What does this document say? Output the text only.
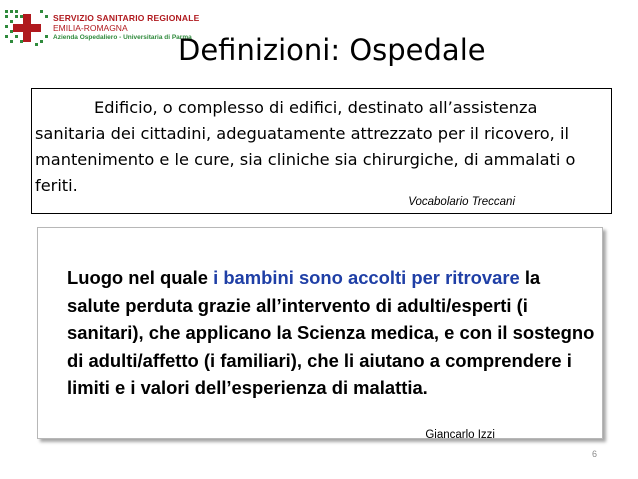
SERVIZIO SANITARIO REGIONALE
EMILIA-ROMAGNA
Azienda Ospedaliero - Universitaria di Parma
Definizioni: Ospedale

Edificio, o complesso di edifici, destinato all’assistenza sanitaria dei cittadini, adeguatamente attrezzato per il ricovero, il mantenimento e le cure, sia cliniche sia chirurgiche, di ammalati o feriti.

Vocabolario Treccani

Luogo nel quale i bambini sono accolti per ritrovare la salute perduta grazie all’intervento di adulti/esperti (i sanitari), che applicano la Scienza medica, e con il sostegno di adulti/affetto (i familiari), che li aiutano a comprendere i limiti e i valori dell’esperienza di malattia.

Giancarlo Izzi
6
